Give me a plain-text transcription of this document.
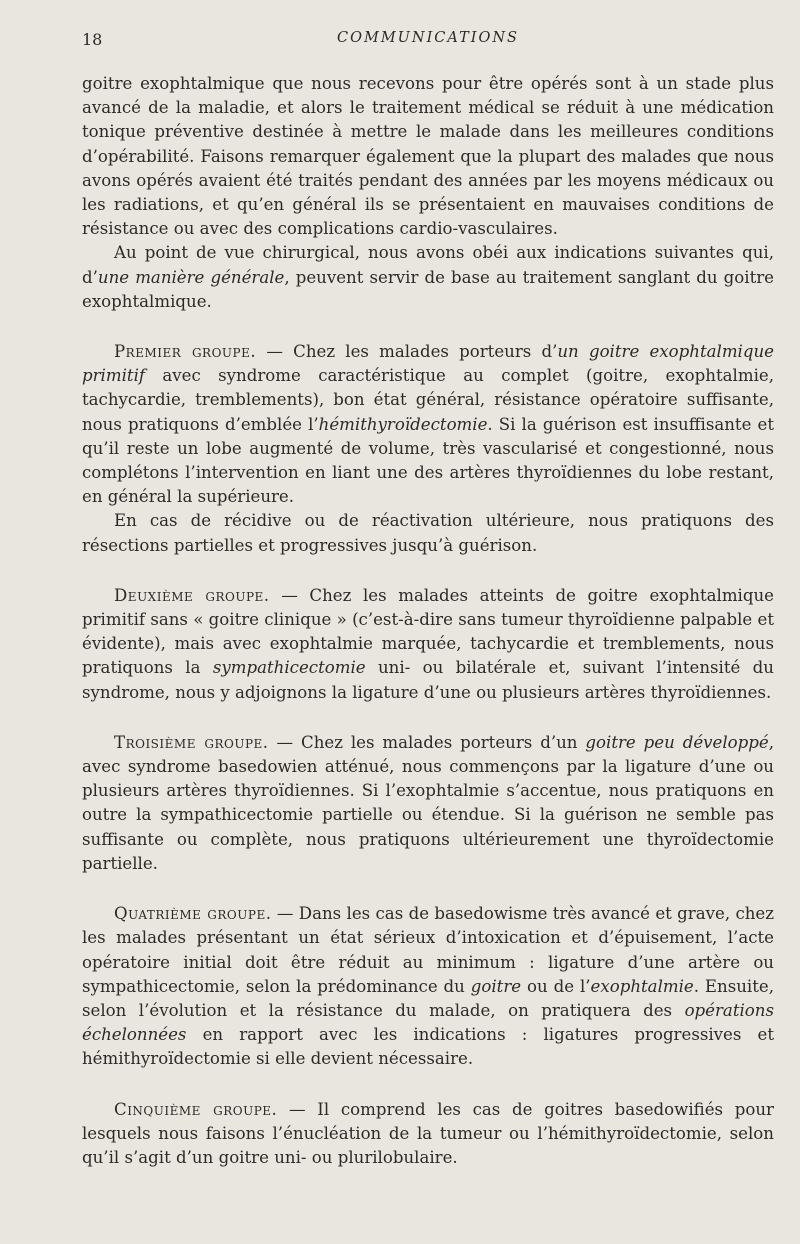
18	COMMUNICATIONS

goitre exophtalmique que nous recevons pour être opérés sont à un stade plus avancé de la maladie, et alors le traitement médical se réduit à une médication tonique préventive destinée à mettre le malade dans les meilleures conditions d’opérabilité. Faisons remarquer également que la plupart des malades que nous avons opérés avaient été traités pendant des années par les moyens médicaux ou les radiations, et qu’en général ils se présentaient en mauvaises conditions de résistance ou avec des complications cardio-vasculaires.

Au point de vue chirurgical, nous avons obéi aux indications suivantes qui, d’une manière générale, peuvent servir de base au traitement sanglant du goitre exophtalmique.

Premier groupe. — Chez les malades porteurs d’un goitre exophtalmique primitif avec syndrome caractéristique au complet (goitre, exophtalmie, tachycardie, tremblements), bon état général, résistance opératoire suffisante, nous pratiquons d’emblée l’hémithyroïdectomie. Si la guérison est insuffisante et qu’il reste un lobe augmenté de volume, très vascularisé et congestionné, nous complétons l’intervention en liant une des artères thyroïdiennes du lobe restant, en général la supérieure.

En cas de récidive ou de réactivation ultérieure, nous pratiquons des résections partielles et progressives jusqu’à guérison.

Deuxième groupe. — Chez les malades atteints de goitre exophtalmique primitif sans « goitre clinique » (c’est-à-dire sans tumeur thyroïdienne palpable et évidente), mais avec exophtalmie marquée, tachycardie et tremblements, nous pratiquons la sympathicectomie uni- ou bilatérale et, suivant l’intensité du syndrome, nous y adjoignons la ligature d’une ou plusieurs artères thyroïdiennes.

Troisième groupe. — Chez les malades porteurs d’un goitre peu développé, avec syndrome basedowien atténué, nous commençons par la ligature d’une ou plusieurs artères thyroïdiennes. Si l’exophtalmie s’accentue, nous pratiquons en outre la sympathicectomie partielle ou étendue. Si la guérison ne semble pas suffisante ou complète, nous pratiquons ultérieurement une thyroïdectomie partielle.

Quatrième groupe. — Dans les cas de basedowisme très avancé et grave, chez les malades présentant un état sérieux d’intoxication et d’épuisement, l’acte opératoire initial doit être réduit au minimum : ligature d’une artère ou sympathicectomie, selon la prédominance du goitre ou de l’exophtalmie. Ensuite, selon l’évolution et la résistance du malade, on pratiquera des opérations échelonnées en rapport avec les indications : ligatures progressives et hémithyroïdectomie si elle devient nécessaire.

Cinquième groupe. — Il comprend les cas de goitres basedowifiés pour lesquels nous faisons l’énucléation de la tumeur ou l’hémithyroïdectomie, selon qu’il s’agit d’un goitre uni- ou plurilobulaire.
